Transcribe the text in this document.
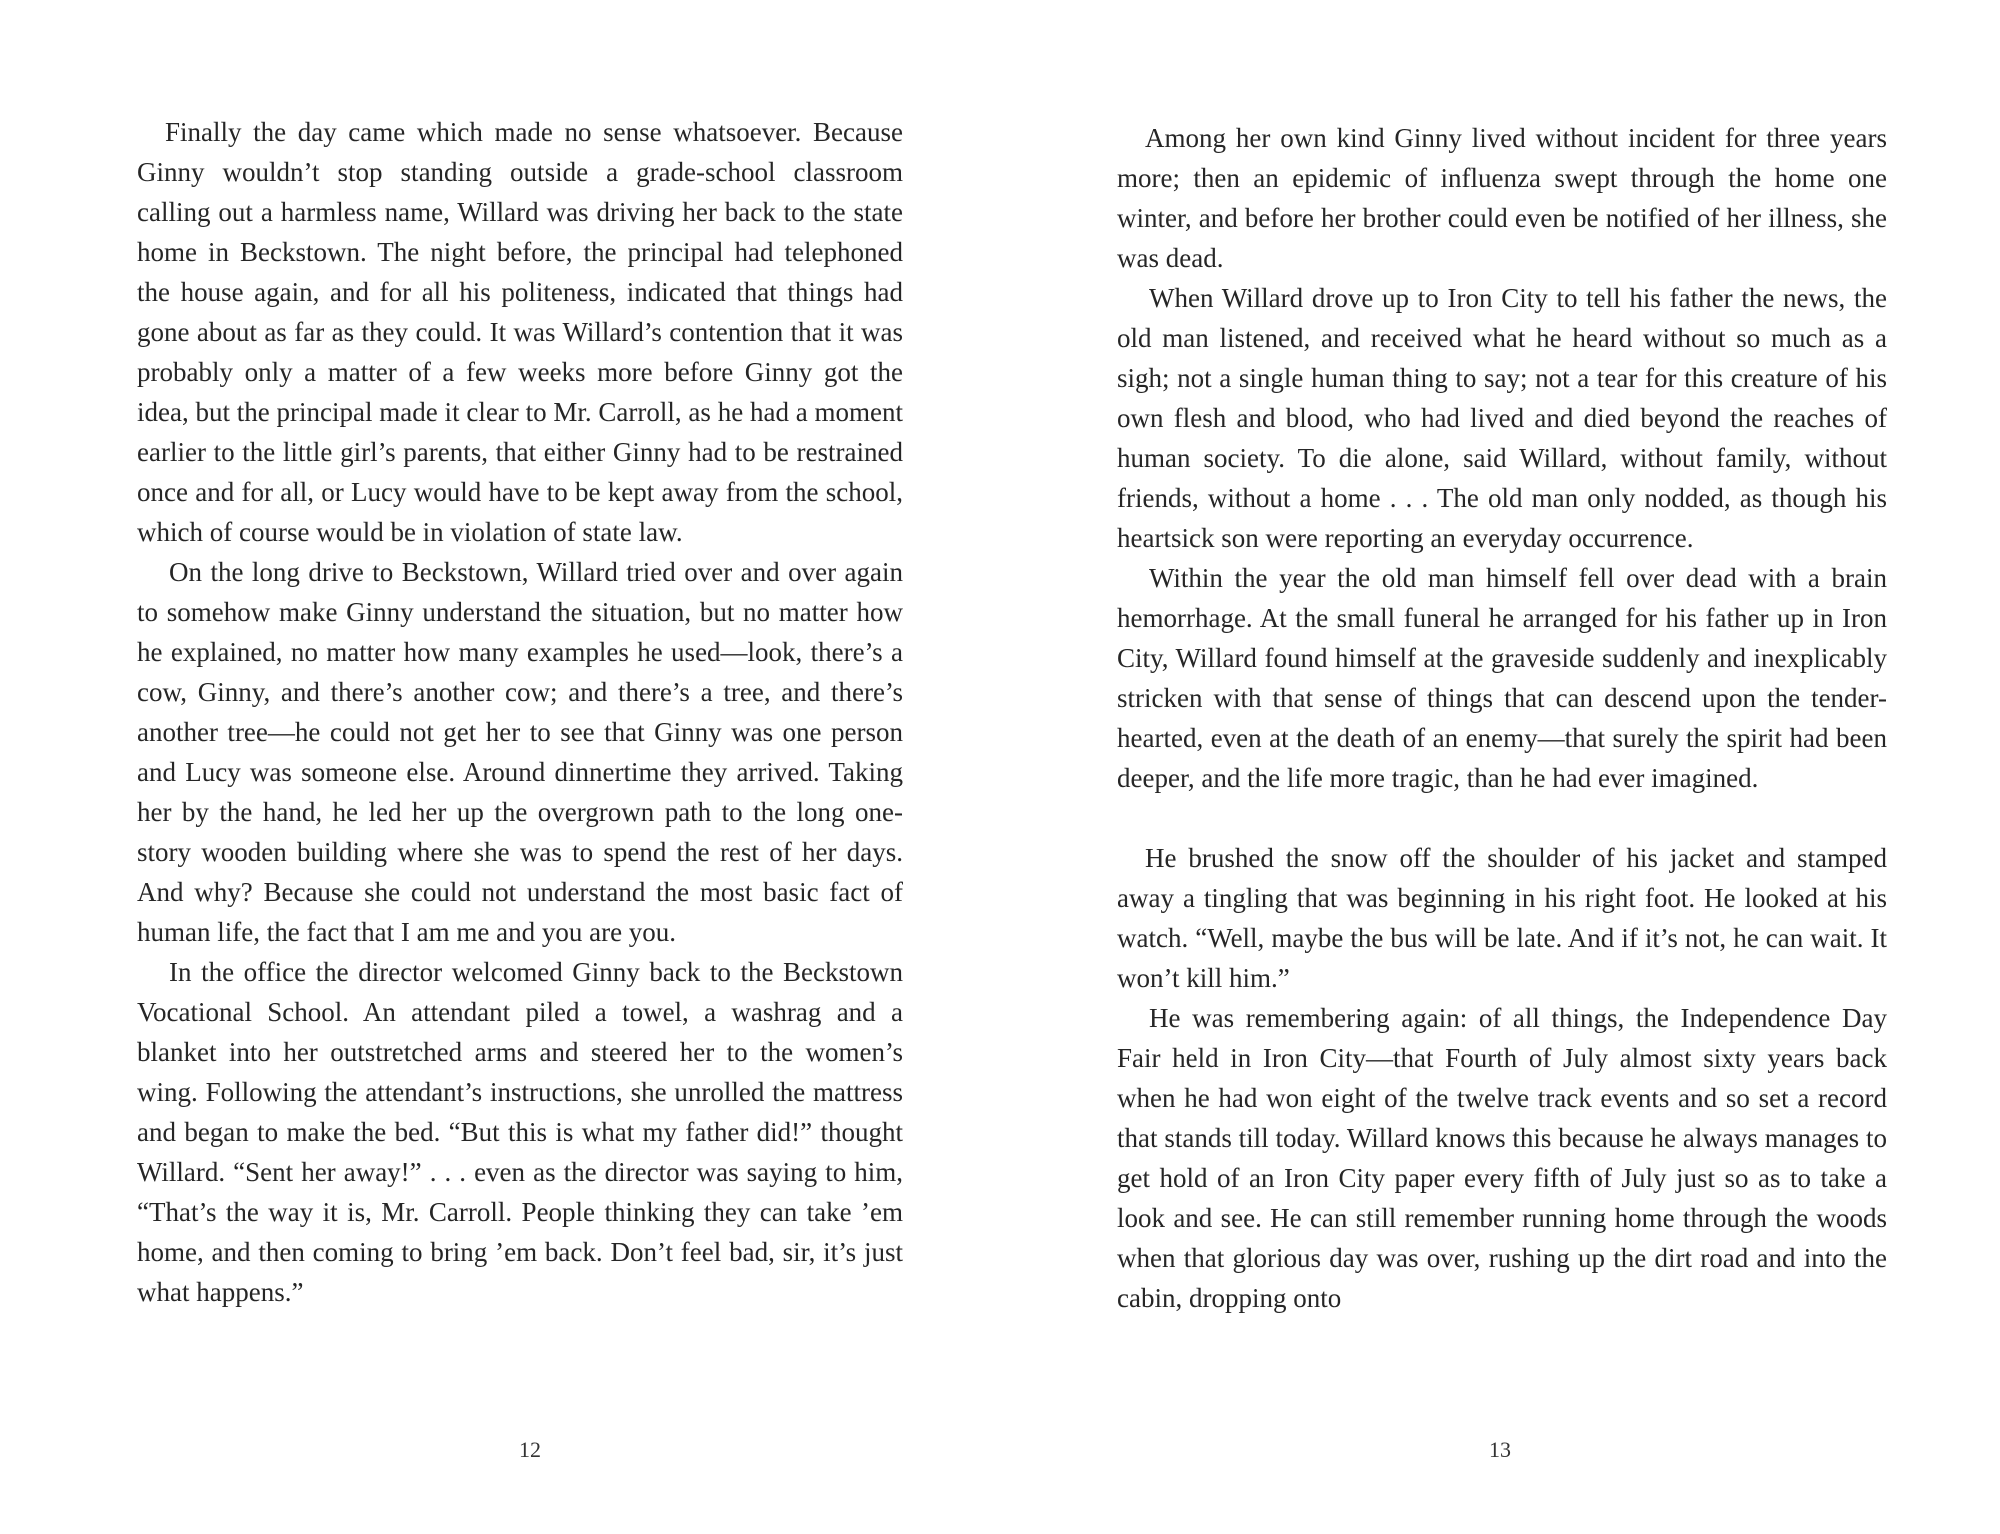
Finally the day came which made no sense whatsoever. Because Ginny wouldn’t stop standing outside a grade-school classroom calling out a harmless name, Willard was driving her back to the state home in Beckstown. The night before, the principal had telephoned the house again, and for all his politeness, indicated that things had gone about as far as they could. It was Willard’s contention that it was probably only a matter of a few weeks more before Ginny got the idea, but the principal made it clear to Mr. Carroll, as he had a moment earlier to the little girl’s parents, that either Ginny had to be restrained once and for all, or Lucy would have to be kept away from the school, which of course would be in violation of state law.

On the long drive to Beckstown, Willard tried over and over again to somehow make Ginny understand the situation, but no matter how he explained, no matter how many examples he used—look, there’s a cow, Ginny, and there’s another cow; and there’s a tree, and there’s another tree—he could not get her to see that Ginny was one person and Lucy was someone else. Around dinnertime they arrived. Taking her by the hand, he led her up the overgrown path to the long one-story wooden building where she was to spend the rest of her days. And why? Because she could not understand the most basic fact of human life, the fact that I am me and you are you.

In the office the director welcomed Ginny back to the Beckstown Vocational School. An attendant piled a towel, a washrag and a blanket into her outstretched arms and steered her to the women’s wing. Following the attendant’s instructions, she unrolled the mattress and began to make the bed. “But this is what my father did!” thought Willard. “Sent her away!” . . . even as the director was saying to him, “That’s the way it is, Mr. Carroll. People thinking they can take ’em home, and then coming to bring ’em back. Don’t feel bad, sir, it’s just what happens.”

12

Among her own kind Ginny lived without incident for three years more; then an epidemic of influenza swept through the home one winter, and before her brother could even be notified of her illness, she was dead.

When Willard drove up to Iron City to tell his father the news, the old man listened, and received what he heard without so much as a sigh; not a single human thing to say; not a tear for this creature of his own flesh and blood, who had lived and died beyond the reaches of human society. To die alone, said Willard, without family, without friends, without a home . . . The old man only nodded, as though his heartsick son were reporting an everyday occurrence.

Within the year the old man himself fell over dead with a brain hemorrhage. At the small funeral he arranged for his father up in Iron City, Willard found himself at the graveside suddenly and inexplicably stricken with that sense of things that can descend upon the tender-hearted, even at the death of an enemy—that surely the spirit had been deeper, and the life more tragic, than he had ever imagined.

He brushed the snow off the shoulder of his jacket and stamped away a tingling that was beginning in his right foot. He looked at his watch. “Well, maybe the bus will be late. And if it’s not, he can wait. It won’t kill him.”

He was remembering again: of all things, the Independence Day Fair held in Iron City—that Fourth of July almost sixty years back when he had won eight of the twelve track events and so set a record that stands till today. Willard knows this because he always manages to get hold of an Iron City paper every fifth of July just so as to take a look and see. He can still remember running home through the woods when that glorious day was over, rushing up the dirt road and into the cabin, dropping onto

13
